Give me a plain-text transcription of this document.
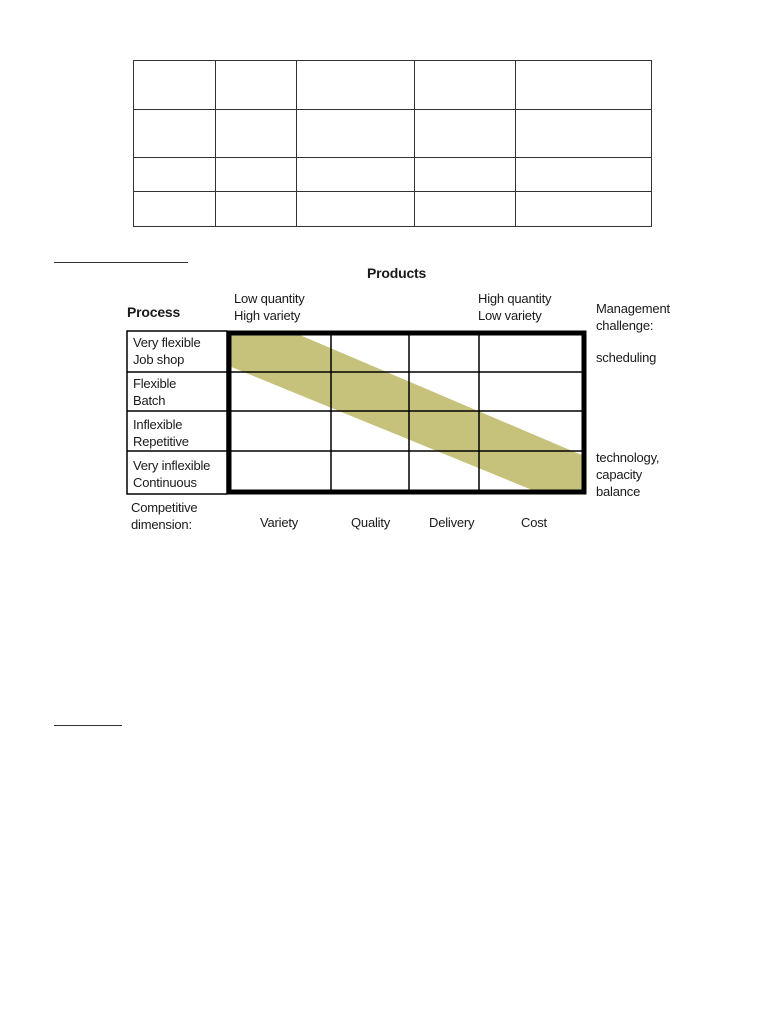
Products
Process
Low quantity
High variety
High quantity
Low variety	Management
challenge:
scheduling
technology,
capacity
balance
Very flexible
Job shop
Flexible
Batch
Inflexible
Repetitive
Very inflexible
Continuous
Competitive
dimension:	Variety	Quality	Delivery	Cost
